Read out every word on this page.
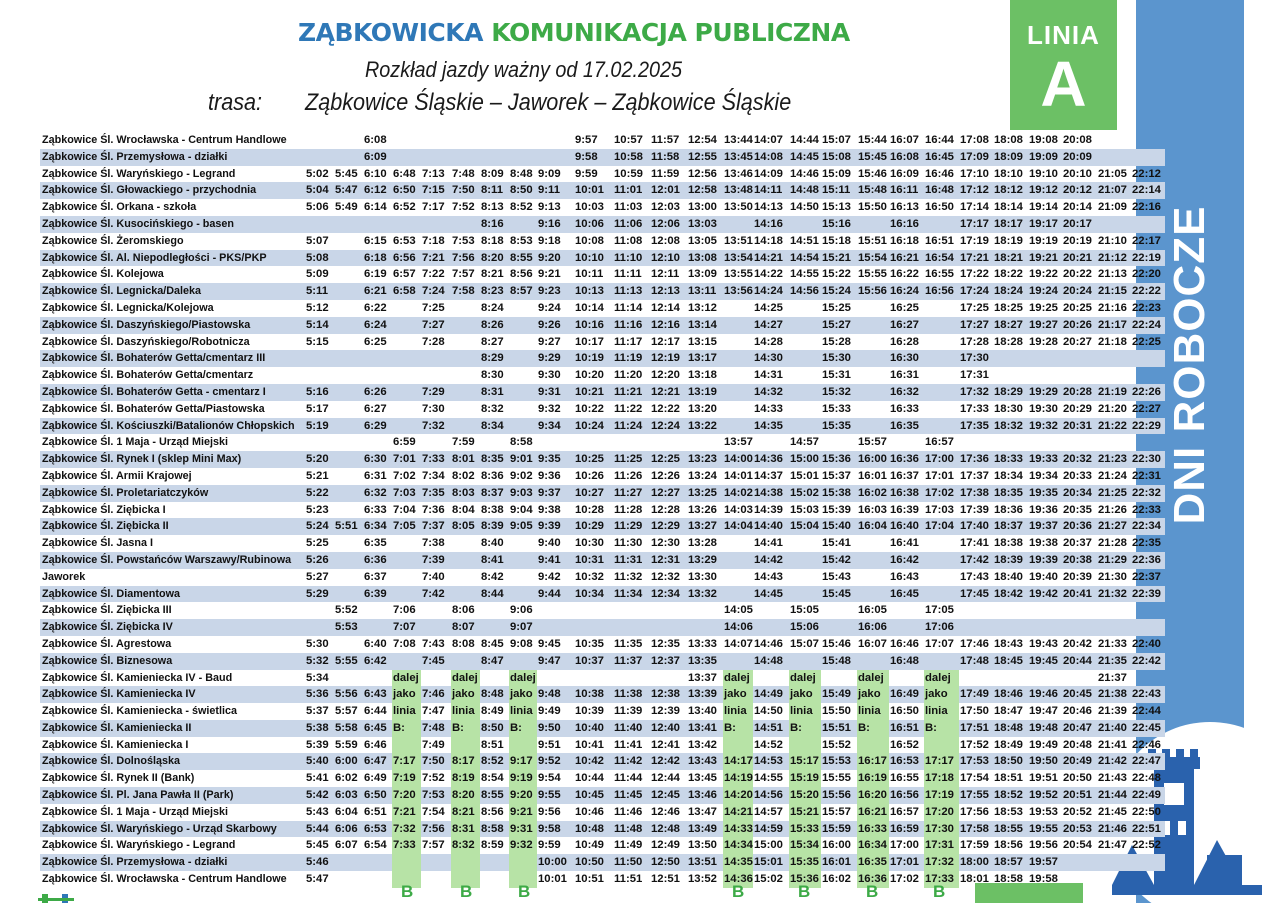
ZĄBKOWICKA KOMUNIKACJA PUBLICZNA
Rozkład jazdy ważny od 17.02.2025
trasa: Ząbkowice Śląskie – Jaworek – Ząbkowice Śląskie
LINIA
A
DNI ROBOCZE
Ząbkowice Śl. Wrocławska - Centrum Handlowe			6:08							9:57	10:57	11:57	12:54	13:44	14:07	14:44	15:07	15:44	16:07	16:44	17:08	18:08	19:08	20:08		
Ząbkowice Śl. Przemysłowa - działki			6:09							9:58	10:58	11:58	12:55	13:45	14:08	14:45	15:08	15:45	16:08	16:45	17:09	18:09	19:09	20:09		
Ząbkowice Śl. Waryńskiego - Legrand	5:02	5:45	6:10	6:48	7:13	7:48	8:09	8:48	9:09	9:59	10:59	11:59	12:56	13:46	14:09	14:46	15:09	15:46	16:09	16:46	17:10	18:10	19:10	20:10	21:05	22:12
Ząbkowice Śl. Głowackiego - przychodnia	5:04	5:47	6:12	6:50	7:15	7:50	8:11	8:50	9:11	10:01	11:01	12:01	12:58	13:48	14:11	14:48	15:11	15:48	16:11	16:48	17:12	18:12	19:12	20:12	21:07	22:14
Ząbkowice Śl. Orkana - szkoła	5:06	5:49	6:14	6:52	7:17	7:52	8:13	8:52	9:13	10:03	11:03	12:03	13:00	13:50	14:13	14:50	15:13	15:50	16:13	16:50	17:14	18:14	19:14	20:14	21:09	22:16
Ząbkowice Śl. Kusocińskiego - basen							8:16		9:16	10:06	11:06	12:06	13:03		14:16		15:16		16:16		17:17	18:17	19:17	20:17		
Ząbkowice Śl. Żeromskiego	5:07		6:15	6:53	7:18	7:53	8:18	8:53	9:18	10:08	11:08	12:08	13:05	13:51	14:18	14:51	15:18	15:51	16:18	16:51	17:19	18:19	19:19	20:19	21:10	22:17
Ząbkowice Śl. Al. Niepodległości - PKS/PKP	5:08		6:18	6:56	7:21	7:56	8:20	8:55	9:20	10:10	11:10	12:10	13:08	13:54	14:21	14:54	15:21	15:54	16:21	16:54	17:21	18:21	19:21	20:21	21:12	22:19
Ząbkowice Śl. Kolejowa	5:09		6:19	6:57	7:22	7:57	8:21	8:56	9:21	10:11	11:11	12:11	13:09	13:55	14:22	14:55	15:22	15:55	16:22	16:55	17:22	18:22	19:22	20:22	21:13	22:20
Ząbkowice Śl. Legnicka/Daleka	5:11		6:21	6:58	7:24	7:58	8:23	8:57	9:23	10:13	11:13	12:13	13:11	13:56	14:24	14:56	15:24	15:56	16:24	16:56	17:24	18:24	19:24	20:24	21:15	22:22
Ząbkowice Śl. Legnicka/Kolejowa	5:12		6:22		7:25		8:24		9:24	10:14	11:14	12:14	13:12		14:25		15:25		16:25		17:25	18:25	19:25	20:25	21:16	22:23
Ząbkowice Śl. Daszyńskiego/Piastowska	5:14		6:24		7:27		8:26		9:26	10:16	11:16	12:16	13:14		14:27		15:27		16:27		17:27	18:27	19:27	20:26	21:17	22:24
Ząbkowice Śl. Daszyńskiego/Robotnicza	5:15		6:25		7:28		8:27		9:27	10:17	11:17	12:17	13:15		14:28		15:28		16:28		17:28	18:28	19:28	20:27	21:18	22:25
Ząbkowice Śl. Bohaterów Getta/cmentarz III							8:29		9:29	10:19	11:19	12:19	13:17		14:30		15:30		16:30		17:30					
Ząbkowice Śl. Bohaterów Getta/cmentarz							8:30		9:30	10:20	11:20	12:20	13:18		14:31		15:31		16:31		17:31					
Ząbkowice Śl. Bohaterów Getta - cmentarz I	5:16		6:26		7:29		8:31		9:31	10:21	11:21	12:21	13:19		14:32		15:32		16:32		17:32	18:29	19:29	20:28	21:19	22:26
Ząbkowice Śl. Bohaterów Getta/Piastowska	5:17		6:27		7:30		8:32		9:32	10:22	11:22	12:22	13:20		14:33		15:33		16:33		17:33	18:30	19:30	20:29	21:20	22:27
Ząbkowice Śl. Kościuszki/Batalionów Chłopskich	5:19		6:29		7:32		8:34		9:34	10:24	11:24	12:24	13:22		14:35		15:35		16:35		17:35	18:32	19:32	20:31	21:22	22:29
Ząbkowice Śl. 1 Maja - Urząd Miejski				6:59		7:59		8:58						13:57		14:57		15:57		16:57						
Ząbkowice Śl. Rynek I (sklep Mini Max)	5:20		6:30	7:01	7:33	8:01	8:35	9:01	9:35	10:25	11:25	12:25	13:23	14:00	14:36	15:00	15:36	16:00	16:36	17:00	17:36	18:33	19:33	20:32	21:23	22:30
Ząbkowice Śl. Armii Krajowej	5:21		6:31	7:02	7:34	8:02	8:36	9:02	9:36	10:26	11:26	12:26	13:24	14:01	14:37	15:01	15:37	16:01	16:37	17:01	17:37	18:34	19:34	20:33	21:24	22:31
Ząbkowice Śl. Proletariatczyków	5:22		6:32	7:03	7:35	8:03	8:37	9:03	9:37	10:27	11:27	12:27	13:25	14:02	14:38	15:02	15:38	16:02	16:38	17:02	17:38	18:35	19:35	20:34	21:25	22:32
Ząbkowice Śl. Ziębicka I	5:23		6:33	7:04	7:36	8:04	8:38	9:04	9:38	10:28	11:28	12:28	13:26	14:03	14:39	15:03	15:39	16:03	16:39	17:03	17:39	18:36	19:36	20:35	21:26	22:33
Ząbkowice Śl. Ziębicka II	5:24	5:51	6:34	7:05	7:37	8:05	8:39	9:05	9:39	10:29	11:29	12:29	13:27	14:04	14:40	15:04	15:40	16:04	16:40	17:04	17:40	18:37	19:37	20:36	21:27	22:34
Ząbkowice Śl. Jasna I	5:25		6:35		7:38		8:40		9:40	10:30	11:30	12:30	13:28		14:41		15:41		16:41		17:41	18:38	19:38	20:37	21:28	22:35
Ząbkowice Śl. Powstańców Warszawy/Rubinowa	5:26		6:36		7:39		8:41		9:41	10:31	11:31	12:31	13:29		14:42		15:42		16:42		17:42	18:39	19:39	20:38	21:29	22:36
Jaworek	5:27		6:37		7:40		8:42		9:42	10:32	11:32	12:32	13:30		14:43		15:43		16:43		17:43	18:40	19:40	20:39	21:30	22:37
Ząbkowice Śl. Diamentowa	5:29		6:39		7:42		8:44		9:44	10:34	11:34	12:34	13:32		14:45		15:45		16:45		17:45	18:42	19:42	20:41	21:32	22:39
Ząbkowice Śl. Ziębicka III		5:52		7:06		8:06		9:06						14:05		15:05		16:05		17:05						
Ząbkowice Śl. Ziębicka IV		5:53		7:07		8:07		9:07						14:06		15:06		16:06		17:06						
Ząbkowice Śl. Agrestowa	5:30		6:40	7:08	7:43	8:08	8:45	9:08	9:45	10:35	11:35	12:35	13:33	14:07	14:46	15:07	15:46	16:07	16:46	17:07	17:46	18:43	19:43	20:42	21:33	22:40
Ząbkowice Śl. Biznesowa	5:32	5:55	6:42		7:45		8:47		9:47	10:37	11:37	12:37	13:35		14:48		15:48		16:48		17:48	18:45	19:45	20:44	21:35	22:42
Ząbkowice Śl. Kamieniecka IV - Baud	5:34			dalej		dalej		dalej					13:37	dalej		dalej		dalej		dalej					21:37	
Ząbkowice Śl. Kamieniecka IV	5:36	5:56	6:43	jako	7:46	jako	8:48	jako	9:48	10:38	11:38	12:38	13:39	jako	14:49	jako	15:49	jako	16:49	jako	17:49	18:46	19:46	20:45	21:38	22:43
Ząbkowice Śl. Kamieniecka - świetlica	5:37	5:57	6:44	linia	7:47	linia	8:49	linia	9:49	10:39	11:39	12:39	13:40	linia	14:50	linia	15:50	linia	16:50	linia	17:50	18:47	19:47	20:46	21:39	22:44
Ząbkowice Śl. Kamieniecka II	5:38	5:58	6:45	B:	7:48	B:	8:50	B:	9:50	10:40	11:40	12:40	13:41	B:	14:51	B:	15:51	B:	16:51	B:	17:51	18:48	19:48	20:47	21:40	22:45
Ząbkowice Śl. Kamieniecka I	5:39	5:59	6:46		7:49		8:51		9:51	10:41	11:41	12:41	13:42		14:52		15:52		16:52		17:52	18:49	19:49	20:48	21:41	22:46
Ząbkowice Śl. Dolnośląska	5:40	6:00	6:47	7:17	7:50	8:17	8:52	9:17	9:52	10:42	11:42	12:42	13:43	14:17	14:53	15:17	15:53	16:17	16:53	17:17	17:53	18:50	19:50	20:49	21:42	22:47
Ząbkowice Śl. Rynek II (Bank)	5:41	6:02	6:49	7:19	7:52	8:19	8:54	9:19	9:54	10:44	11:44	12:44	13:45	14:19	14:55	15:19	15:55	16:19	16:55	17:18	17:54	18:51	19:51	20:50	21:43	22:48
Ząbkowice Śl. Pl. Jana Pawła II (Park)	5:42	6:03	6:50	7:20	7:53	8:20	8:55	9:20	9:55	10:45	11:45	12:45	13:46	14:20	14:56	15:20	15:56	16:20	16:56	17:19	17:55	18:52	19:52	20:51	21:44	22:49
Ząbkowice Śl. 1 Maja - Urząd Miejski	5:43	6:04	6:51	7:21	7:54	8:21	8:56	9:21	9:56	10:46	11:46	12:46	13:47	14:21	14:57	15:21	15:57	16:21	16:57	17:20	17:56	18:53	19:53	20:52	21:45	22:50
Ząbkowice Śl. Waryńskiego - Urząd Skarbowy	5:44	6:06	6:53	7:32	7:56	8:31	8:58	9:31	9:58	10:48	11:48	12:48	13:49	14:33	14:59	15:33	15:59	16:33	16:59	17:30	17:58	18:55	19:55	20:53	21:46	22:51
Ząbkowice Śl. Waryńskiego - Legrand	5:45	6:07	6:54	7:33	7:57	8:32	8:59	9:32	9:59	10:49	11:49	12:49	13:50	14:34	15:00	15:34	16:00	16:34	17:00	17:31	17:59	18:56	19:56	20:54	21:47	22:52
Ząbkowice Śl. Przemysłowa - działki	5:46								10:00	10:50	11:50	12:50	13:51	14:35	15:01	15:35	16:01	16:35	17:01	17:32	18:00	18:57	19:57			
Ząbkowice Śl. Wrocławska - Centrum Handlowe	5:47								10:01	10:51	11:51	12:51	13:52	14:36	15:02	15:36	16:02	16:36	17:02	17:33	18:01	18:58	19:58			
B	B	B	B	B	B	B
